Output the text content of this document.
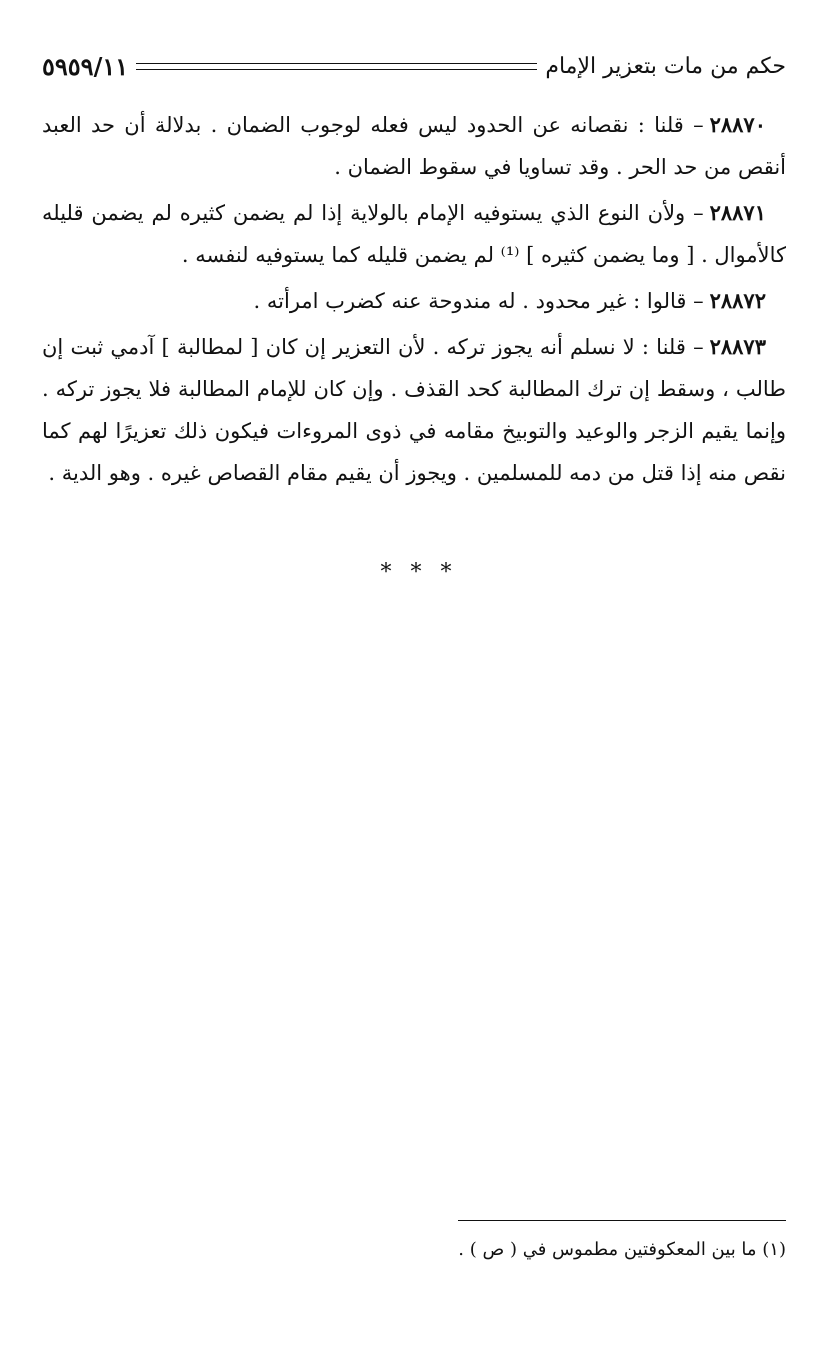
حكم من مات بتعزير الإمام
٥٩٥٩/١١

٢٨٨٧٠– قلنا : نقصانه عن الحدود ليس فعله لوجوب الضمان . بدلالة أن حد العبد أنقص من حد الحر . وقد تساويا في سقوط الضمان .

٢٨٨٧١– ولأن النوع الذي يستوفيه الإمام بالولاية إذا لم يضمن كثيره لم يضمن قليله كالأموال . [ وما يضمن كثيره ] ⁽¹⁾ لم يضمن قليله كما يستوفيه لنفسه .

٢٨٨٧٢– قالوا : غير محدود . له مندوحة عنه كضرب امرأته .

٢٨٨٧٣– قلنا : لا نسلم أنه يجوز تركه . لأن التعزير إن كان [ لمطالبة ] آدمي ثبت إن طالب ، وسقط إن ترك المطالبة كحد القذف . وإن كان للإمام المطالبة فلا يجوز تركه . وإنما يقيم الزجر والوعيد والتوبيخ مقامه في ذوى المروءات فيكون ذلك تعزيرًا لهم كما نقص منه إذا قتل من دمه للمسلمين . ويجوز أن يقيم مقام القصاص غيره . وهو الدية .

* * *
(١) ما بين المعكوفتين مطموس في ( ص ) .
